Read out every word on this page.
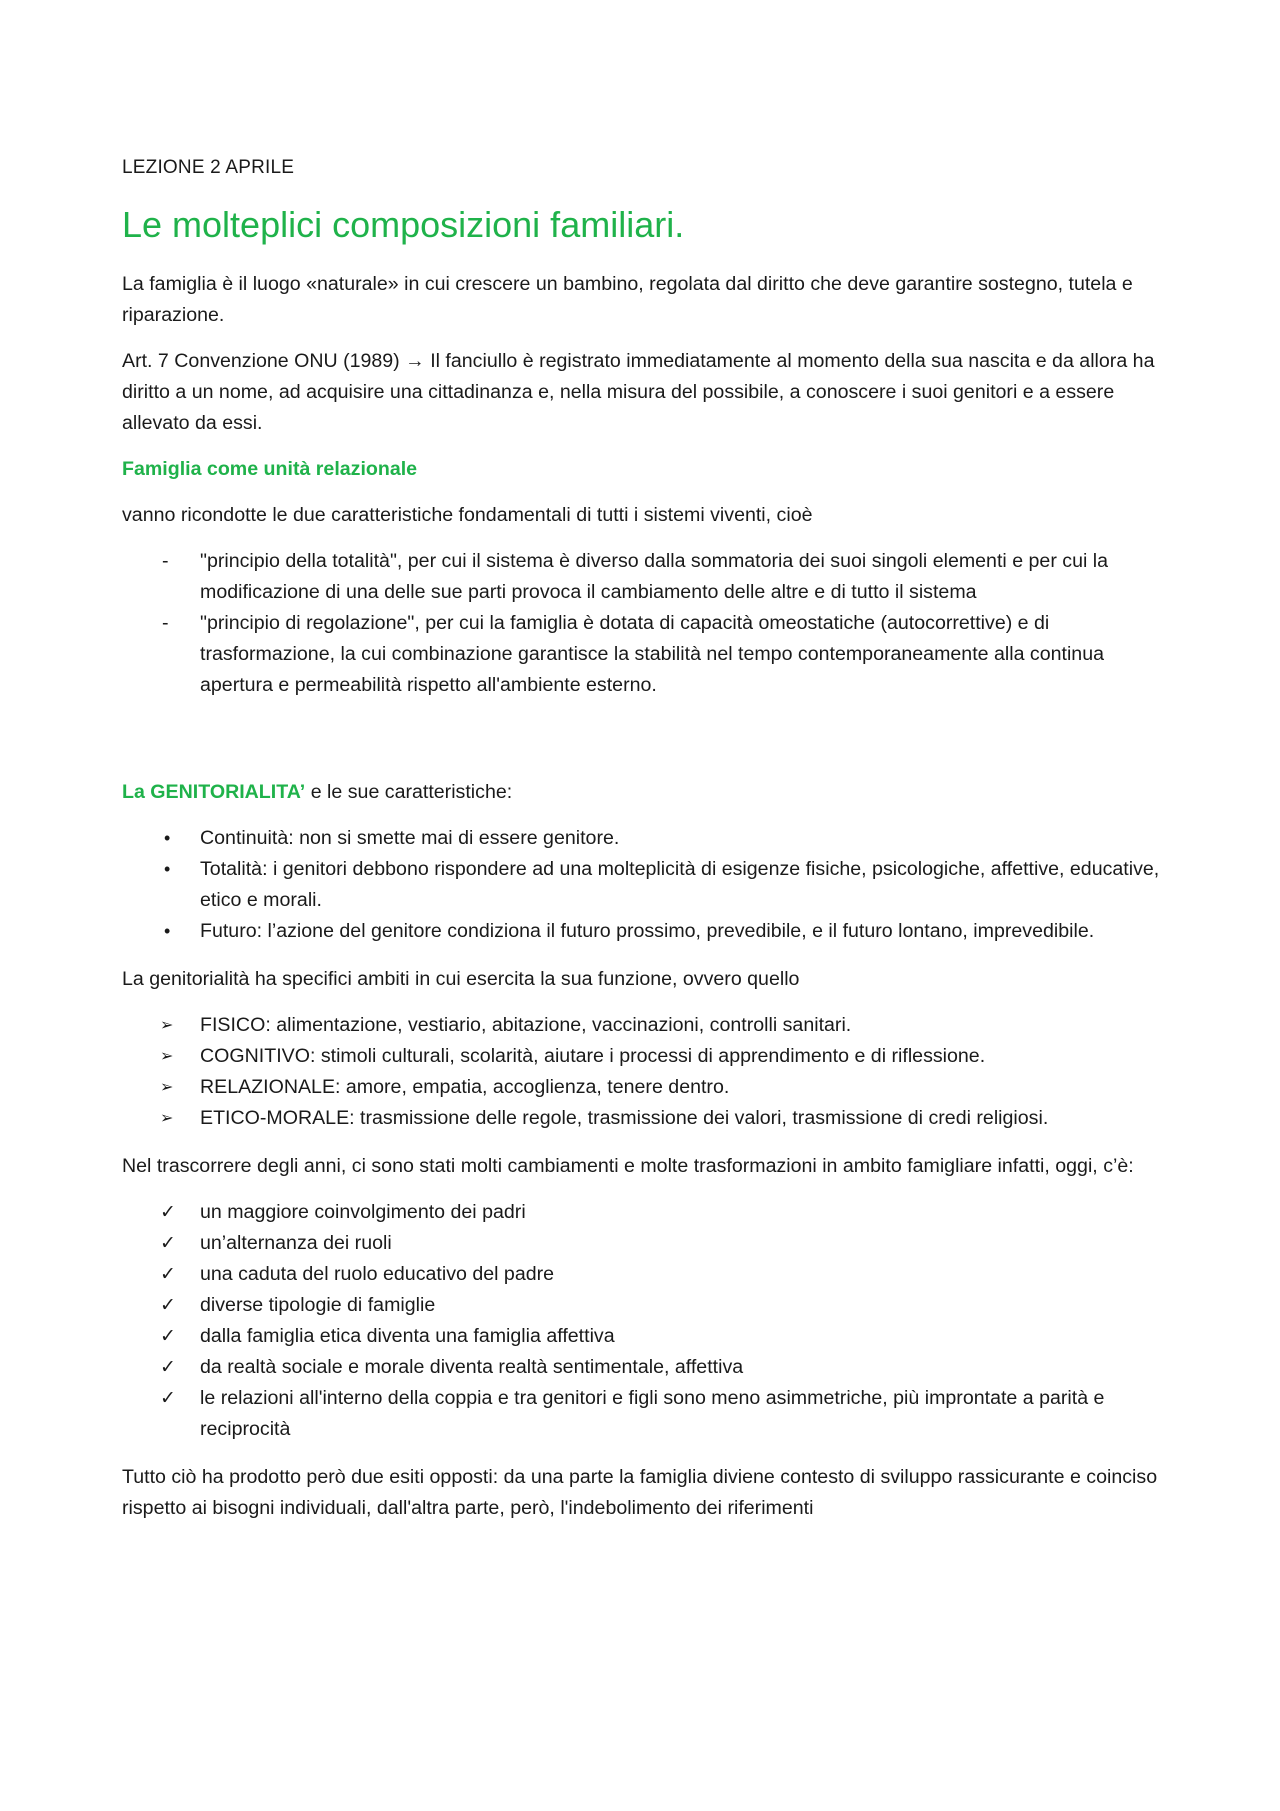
LEZIONE 2 APRILE
Le molteplici composizioni familiari.

La famiglia è il luogo «naturale» in cui crescere un bambino, regolata dal diritto che deve garantire sostegno, tutela e riparazione.

Art. 7 Convenzione ONU (1989) → Il fanciullo è registrato immediatamente al momento della sua nascita e da allora ha diritto a un nome, ad acquisire una cittadinanza e, nella misura del possibile, a conoscere i suoi genitori e a essere allevato da essi.

Famiglia come unità relazionale

vanno ricondotte le due caratteristiche fondamentali di tutti i sistemi viventi, cioè

-	"principio della totalità", per cui il sistema è diverso dalla sommatoria dei suoi singoli elementi e per cui la modificazione di una delle sue parti provoca il cambiamento delle altre e di tutto il sistema
-	"principio di regolazione", per cui la famiglia è dotata di capacità omeostatiche (autocorrettive) e di trasformazione, la cui combinazione garantisce la stabilità nel tempo contemporaneamente alla continua apertura e permeabilità rispetto all'ambiente esterno.

La GENITORIALITA’ e le sue caratteristiche:

•	Continuità: non si smette mai di essere genitore.
•	Totalità: i genitori debbono rispondere ad una molteplicità di esigenze fisiche, psicologiche, affettive, educative, etico e morali.
•	Futuro: l’azione del genitore condiziona il futuro prossimo, prevedibile, e il futuro lontano, imprevedibile.

La genitorialità ha specifici ambiti in cui esercita la sua funzione, ovvero quello

➢	FISICO: alimentazione, vestiario, abitazione, vaccinazioni, controlli sanitari.
➢	COGNITIVO: stimoli culturali, scolarità, aiutare i processi di apprendimento e di riflessione.
➢	RELAZIONALE: amore, empatia, accoglienza, tenere dentro.
➢	ETICO-MORALE: trasmissione delle regole, trasmissione dei valori, trasmissione di credi religiosi.

Nel trascorrere degli anni, ci sono stati molti cambiamenti e molte trasformazioni in ambito famigliare infatti, oggi, c’è:

✓	un maggiore coinvolgimento dei padri
✓	un’alternanza dei ruoli
✓	una caduta del ruolo educativo del padre
✓	diverse tipologie di famiglie
✓	dalla famiglia etica diventa una famiglia affettiva
✓	da realtà sociale e morale diventa realtà sentimentale, affettiva
✓	le relazioni all'interno della coppia e tra genitori e figli sono meno asimmetriche, più improntate a parità e reciprocità

Tutto ciò ha prodotto però due esiti opposti: da una parte la famiglia diviene contesto di sviluppo rassicurante e coinciso rispetto ai bisogni individuali, dall'altra parte, però, l'indebolimento dei riferimenti
